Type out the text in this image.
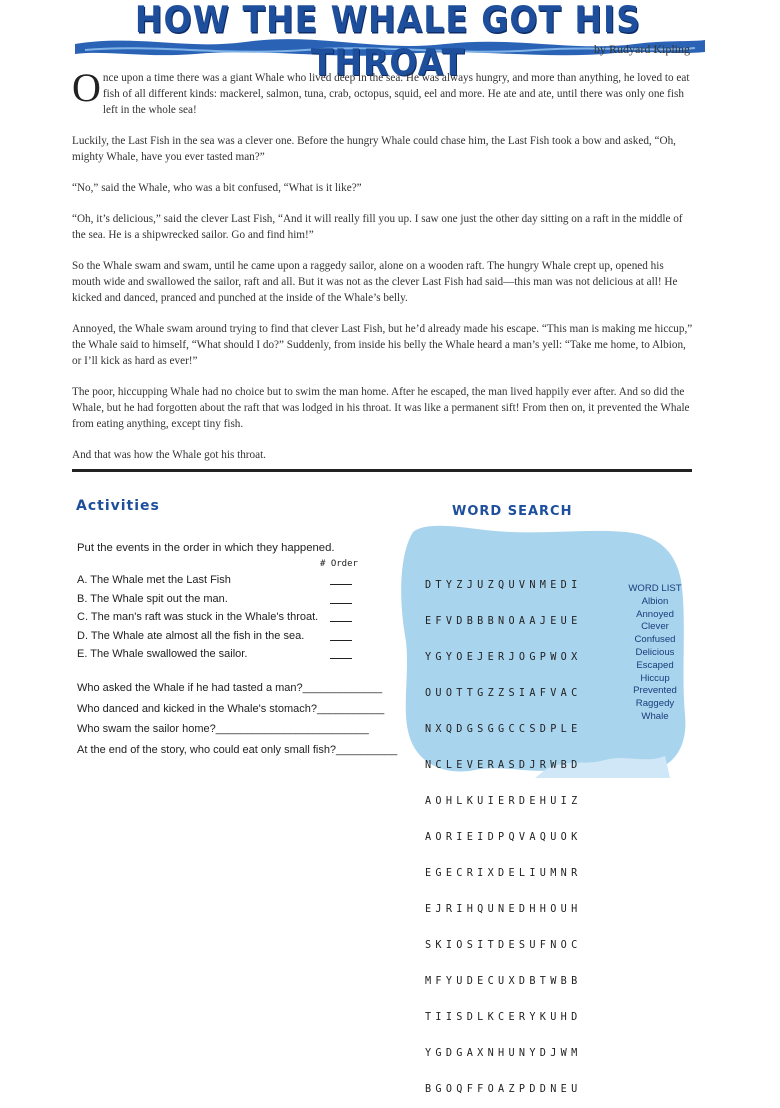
HOW THE WHALE GOT HIS THROAT	by Rudyard Kipling

Once upon a time there was a giant Whale who lived deep in the sea. He was always hungry, and more than anything, he loved to eat fish of all different kinds: mackerel, salmon, tuna, crab, octopus, squid, eel and more. He ate and ate, until there was only one fish left in the whole sea!

Luckily, the Last Fish in the sea was a clever one. Before the hungry Whale could chase him, the Last Fish took a bow and asked, “Oh, mighty Whale, have you ever tasted man?”

“No,” said the Whale, who was a bit confused, “What is it like?”

“Oh, it’s delicious,” said the clever Last Fish, “And it will really fill you up. I saw one just the other day sitting on a raft in the middle of the sea. He is a shipwrecked sailor. Go and find him!”

So the Whale swam and swam, until he came upon a raggedy sailor, alone on a wooden raft. The hungry Whale crept up, opened his mouth wide and swallowed the sailor, raft and all. But it was not as the clever Last Fish had said—this man was not delicious at all! He kicked and danced, pranced and punched at the inside of the Whale’s belly.

Annoyed, the Whale swam around trying to find that clever Last Fish, but he’d already made his escape. “This man is making me hiccup,” the Whale said to himself, “What should I do?” Suddenly, from inside his belly the Whale heard a man’s yell: “Take me home, to Albion, or I’ll kick as hard as ever!”

The poor, hiccupping Whale had no choice but to swim the man home. After he escaped, the man lived happily ever after. And so did the Whale, but he had forgotten about the raft that was lodged in his throat. It was like a permanent sift! From then on, it prevented the Whale from eating anything, except tiny fish.

And that was how the Whale got his throat.

Activities
Put the events in the order in which they happened.
# Order
A. The Whale met the Last Fish
B. The Whale spit out the man.
C. The man's raft was stuck in the Whale's throat.
D. The Whale ate almost all the fish in the sea.
E. The Whale swallowed the sailor.
Who asked the Whale if he had tasted a man?_____________
Who danced and kicked in the Whale's stomach?___________
Who swam the sailor home?_________________________
At the end of the story, who could eat only small fish?__________
WORD SEARCH

DTYZJUZQUVNMEDI

EFVDBBBNOAAJEUE

YGYOEJERJOGPWOX

OUOTTGZZSIAFVAC

NXQDGSGGCCSDPLE

NCLEVERASDJRWBD

AOHLKUIERDEHUIZ

AORIEIDPQVAQUOK

EGECRIXDELIUMNR

EJRIHQUNEDHHOUH

SKIOSITDESUFNOC

MFYUDECUXDBTWBB

TIISDLKCERYKUHD

YGDGAXNHUNYDJWM

BGOQFFOAZPDDNEU

WORD LIST
Albion
Annoyed
Clever
Confused
Delicious
Escaped
Hiccup
Prevented
Raggedy
Whale
